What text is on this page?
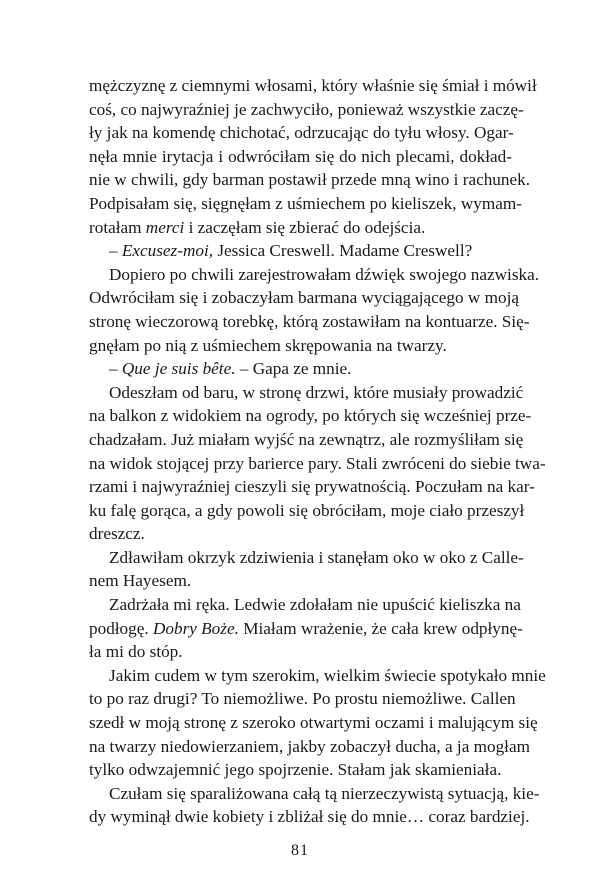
mężczyznę z ciemnymi włosami, który właśnie się śmiał i mówił
coś, co najwyraźniej je zachwyciło, ponieważ wszystkie zaczę-
ły jak na komendę chichotać, odrzucając do tyłu włosy. Ogar-
nęła mnie irytacja i odwróciłam się do nich plecami, dokład-
nie w chwili, gdy barman postawił przede mną wino i rachunek.
Podpisałam się, sięgnęłam z uśmiechem po kieliszek, wymam-
rotałam merci i zaczęłam się zbierać do odejścia.
– Excusez-moi, Jessica Creswell. Madame Creswell?
Dopiero po chwili zarejestrowałam dźwięk swojego nazwiska.
Odwróciłam się i zobaczyłam barmana wyciągającego w moją
stronę wieczorową torebkę, którą zostawiłam na kontuarze. Się-
gnęłam po nią z uśmiechem skrępowania na twarzy.
– Que je suis bête. – Gapa ze mnie.
Odeszłam od baru, w stronę drzwi, które musiały prowadzić
na balkon z widokiem na ogrody, po których się wcześniej prze-
chadzałam. Już miałam wyjść na zewnątrz, ale rozmyśliłam się
na widok stojącej przy barierce pary. Stali zwróceni do siebie twa-
rzami i najwyraźniej cieszyli się prywatnością. Poczułam na kar-
ku falę gorąca, a gdy powoli się obróciłam, moje ciało przeszył
dreszcz.
Zdławiłam okrzyk zdziwienia i stanęłam oko w oko z Calle-
nem Hayesem.
Zadrżała mi ręka. Ledwie zdołałam nie upuścić kieliszka na
podłogę. Dobry Boże. Miałam wrażenie, że cała krew odpłynę-
ła mi do stóp.
Jakim cudem w tym szerokim, wielkim świecie spotykało mnie
to po raz drugi? To niemożliwe. Po prostu niemożliwe. Callen
szedł w moją stronę z szeroko otwartymi oczami i malującym się
na twarzy niedowierzaniem, jakby zobaczył ducha, a ja mogłam
tylko odwzajemnić jego spojrzenie. Stałam jak skamieniała.
Czułam się sparaliżowana całą tą nierzeczywistą sytuacją, kie-
dy wyminął dwie kobiety i zbliżał się do mnie… coraz bardziej.
81
